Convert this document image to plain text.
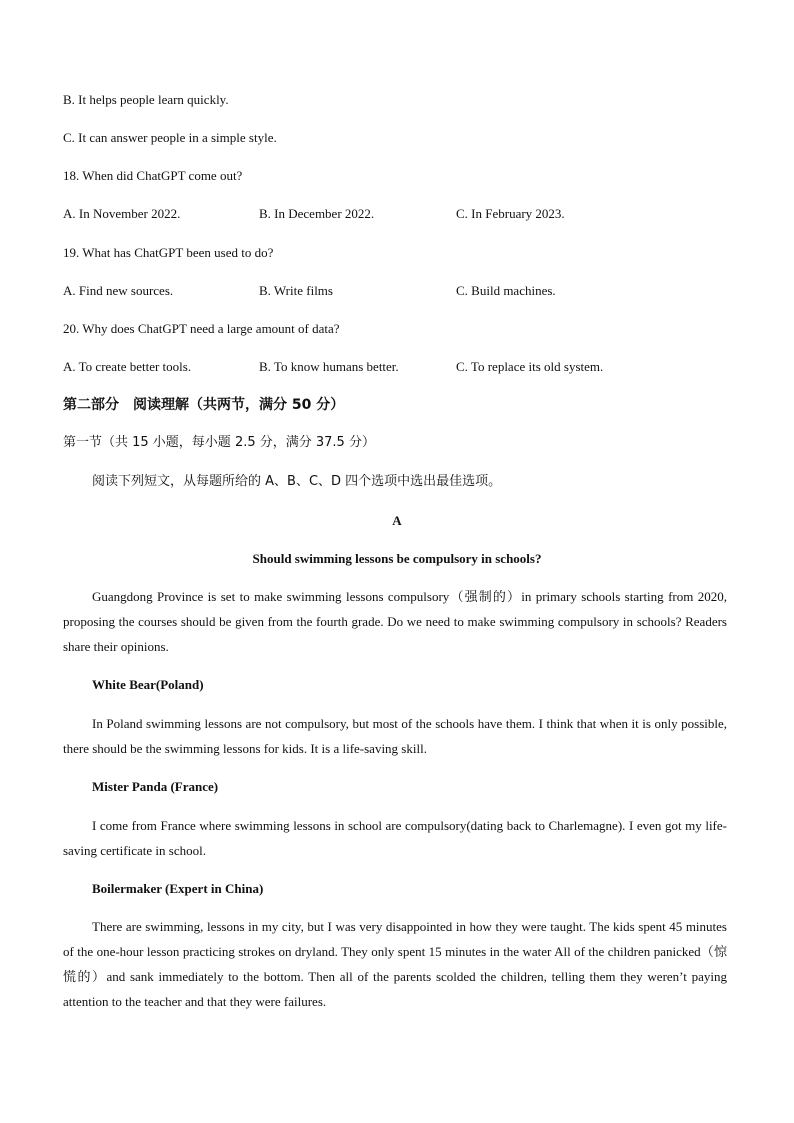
B. It helps people learn quickly.
C. It can answer people in a simple style.
18. When did ChatGPT come out?
A. In November 2022.	B. In December 2022.	C. In February 2023.
19. What has ChatGPT been used to do?
A. Find new sources.	B. Write films	C. Build machines.
20. Why does ChatGPT need a large amount of data?
A. To create better tools.	B. To know humans better.	C. To replace its old system.
第二部分　阅读理解（共两节，满分 50 分）
第一节（共 15 小题，每小题 2.5 分，满分 37.5 分）
阅读下列短文，从每题所给的 A、B、C、D 四个选项中选出最佳选项。
A
Should swimming lessons be compulsory in schools?
Guangdong Province is set to make swimming lessons compulsory（强制的）in primary schools starting from 2020, proposing the courses should be given from the fourth grade. Do we need to make swimming compulsory in schools? Readers share their opinions.
White Bear(Poland)
In Poland swimming lessons are not compulsory, but most of the schools have them. I think that when it is only possible, there should be the swimming lessons for kids. It is a life-saving skill.
Mister Panda (France)
I come from France where swimming lessons in school are compulsory(dating back to Charlemagne). I even got my life-saving certificate in school.
Boilermaker (Expert in China)
There are swimming, lessons in my city, but I was very disappointed in how they were taught. The kids spent 45 minutes of the one-hour lesson practicing strokes on dryland. They only spent 15 minutes in the water All of the children panicked（惊慌的）and sank immediately to the bottom. Then all of the parents scolded the children, telling them they weren’t paying attention to the teacher and that they were failures.
